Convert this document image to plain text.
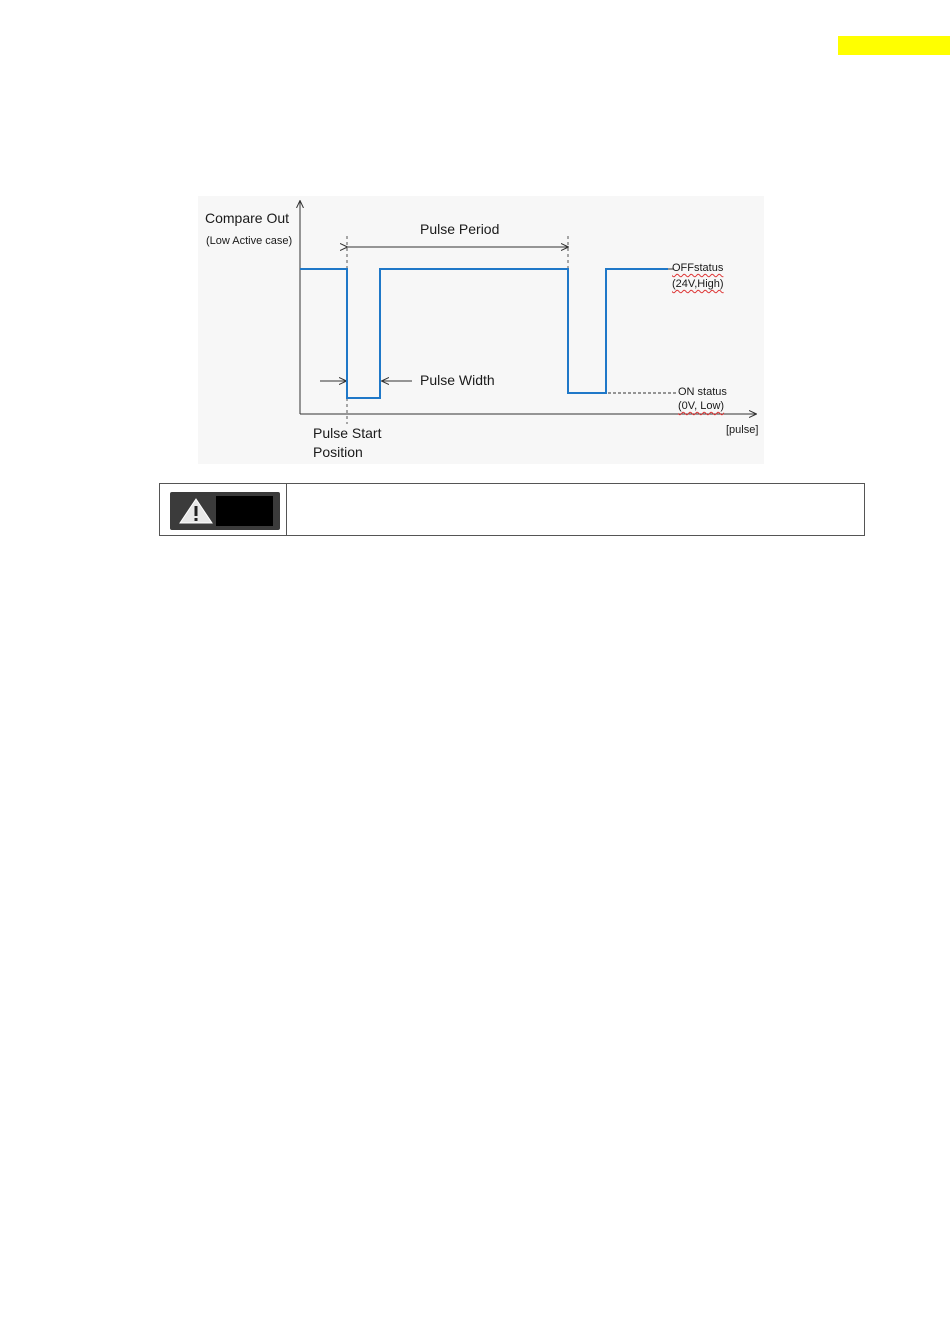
Compare Out
(Low Active case)
Pulse Period
Pulse Width
Pulse Start
Position
OFFstatus
(24V,High)
ON status
(0V, Low)
[pulse]
